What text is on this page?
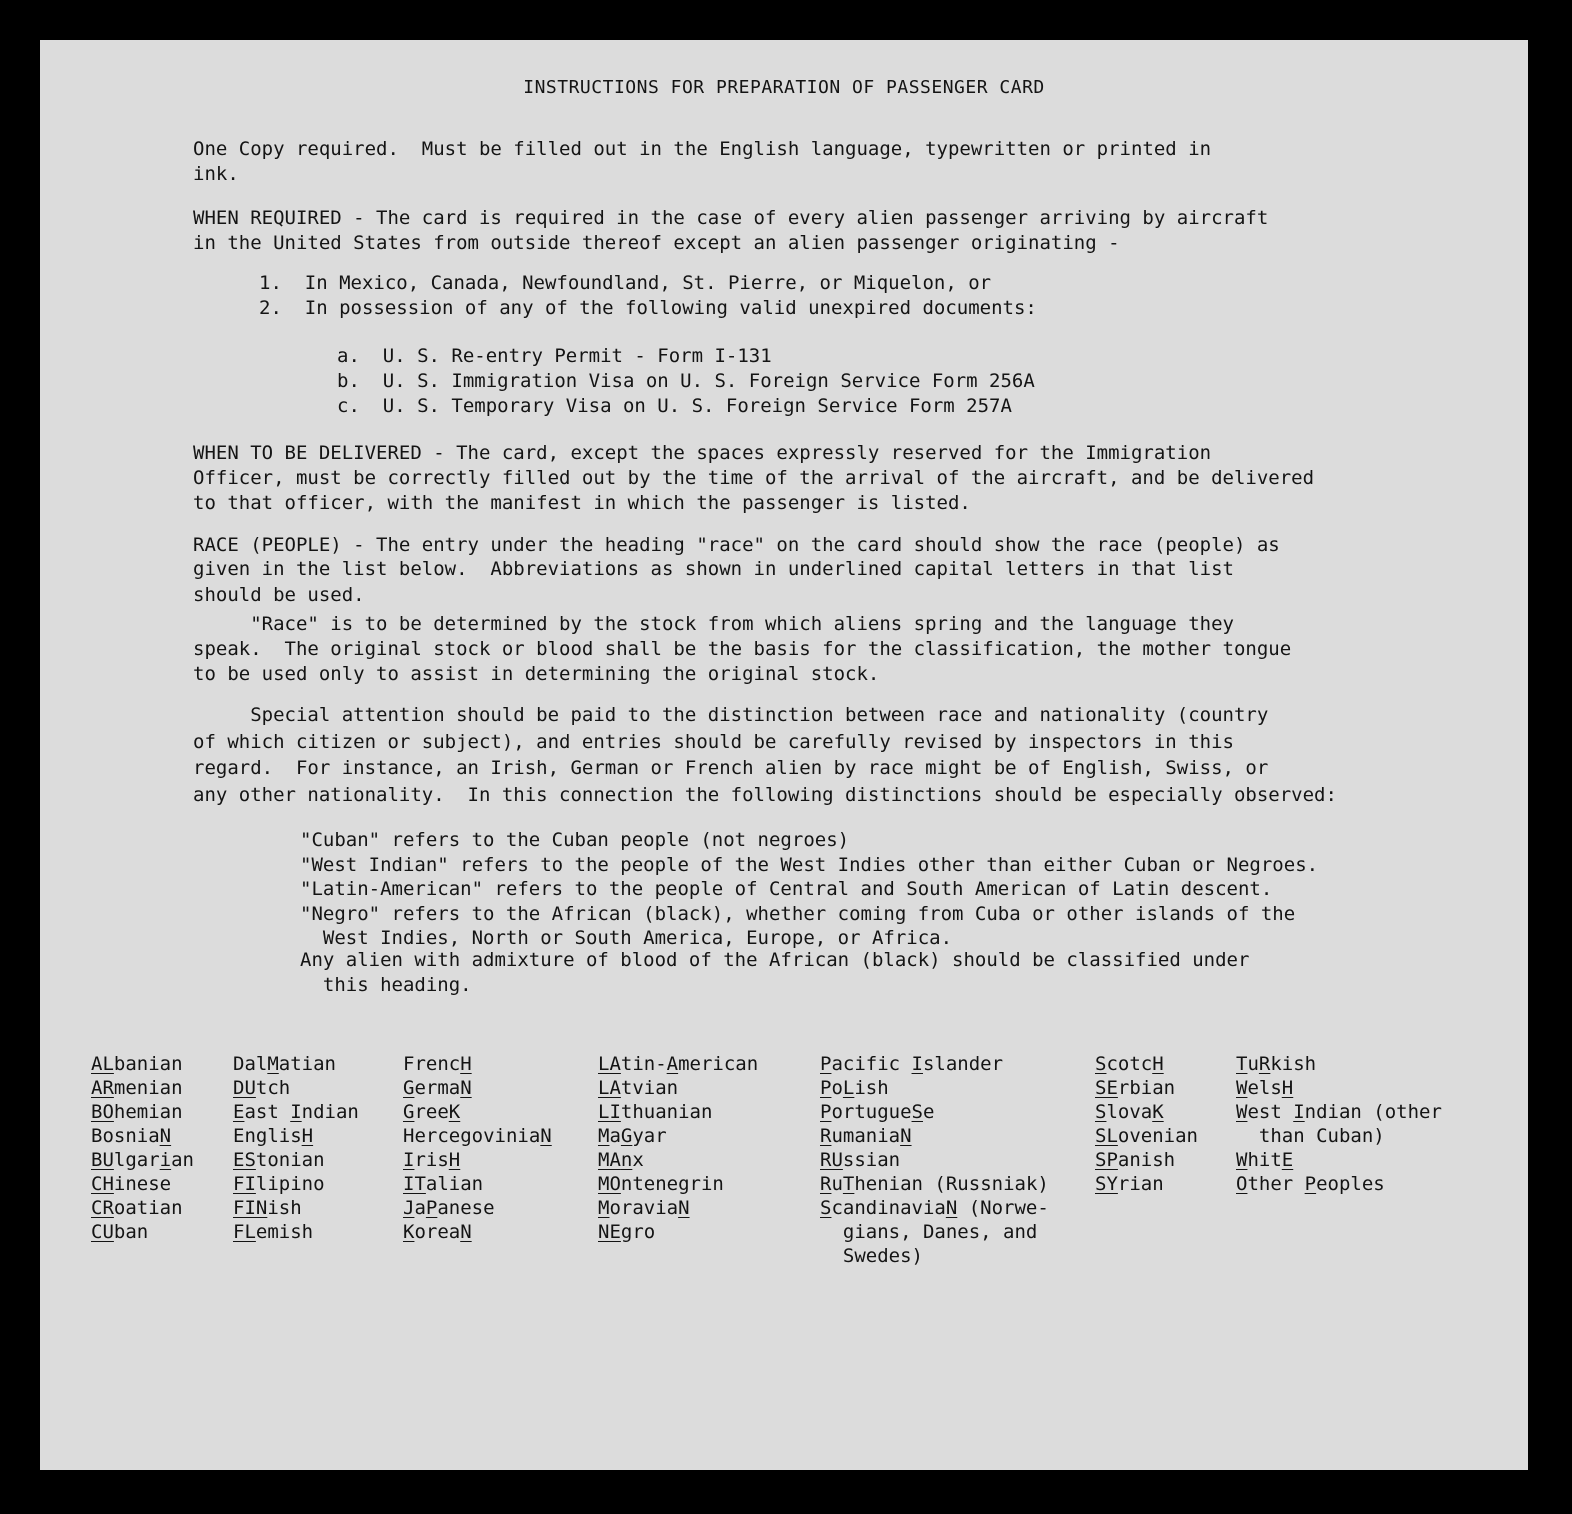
INSTRUCTIONS FOR PREPARATION OF PASSENGER CARD
One Copy required.  Must be filled out in the English language, typewritten or printed in
ink.
WHEN REQUIRED - The card is required in the case of every alien passenger arriving by aircraft
in the United States from outside thereof except an alien passenger originating -
1.  In Mexico, Canada, Newfoundland, St. Pierre, or Miquelon, or
2.  In possession of any of the following valid unexpired documents:
a.  U. S. Re-entry Permit - Form I-131
b.  U. S. Immigration Visa on U. S. Foreign Service Form 256A
c.  U. S. Temporary Visa on U. S. Foreign Service Form 257A
WHEN TO BE DELIVERED - The card, except the spaces expressly reserved for the Immigration
Officer, must be correctly filled out by the time of the arrival of the aircraft, and be delivered
to that officer, with the manifest in which the passenger is listed.
RACE (PEOPLE) - The entry under the heading "race" on the card should show the race (people) as
given in the list below.  Abbreviations as shown in underlined capital letters in that list
should be used.
"Race" is to be determined by the stock from which aliens spring and the language they
speak.  The original stock or blood shall be the basis for the classification, the mother tongue
to be used only to assist in determining the original stock.
Special attention should be paid to the distinction between race and nationality (country
of which citizen or subject), and entries should be carefully revised by inspectors in this
regard.  For instance, an Irish, German or French alien by race might be of English, Swiss, or
any other nationality.  In this connection the following distinctions should be especially observed:
"Cuban" refers to the Cuban people (not negroes)
"West Indian" refers to the people of the West Indies other than either Cuban or Negroes.
"Latin-American" refers to the people of Central and South American of Latin descent.
"Negro" refers to the African (black), whether coming from Cuba or other islands of the
West Indies, North or South America, Europe, or Africa.
Any alien with admixture of blood of the African (black) should be classified under
this heading.
ALbanian
ARmenian
BOhemian
BosniaN
BUlgarian
CHinese
CRoatian
CUban
DalMatian
DUtch
East Indian
EnglisH
EStonian
FIlipino
FINish
FLemish
FrencH
GermaN
GreeK
HercegoviniaN
IrisH
ITalian
JaPanese
KoreaN
LAtin-American
LAtvian
LIthuanian
MaGyar
MAnx
MOntenegrin
MoraviaN
NEgro
Pacific Islander
PoLish
PortugueSe
RumaniaN
RUssian
RuThenian (Russniak)
ScandinaviaN (Norwe-
gians, Danes, and
Swedes)
ScotcH
SErbian
SlovaK
SLovenian
SPanish
SYrian
TuRkish
WelsH
West Indian (other
than Cuban)
WhitE
Other Peoples
